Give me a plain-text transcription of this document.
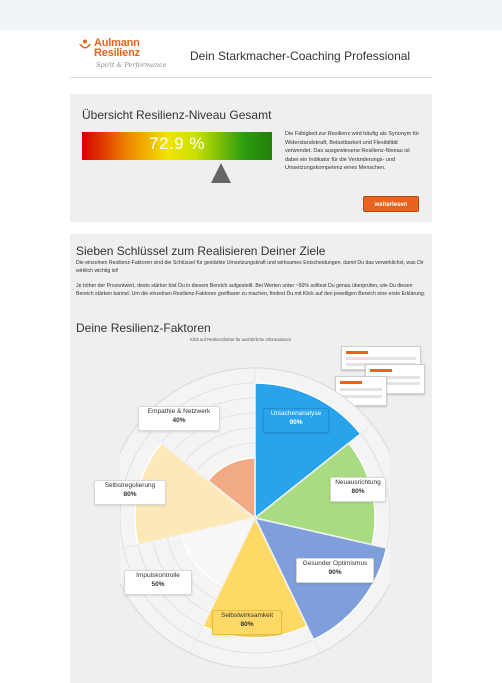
Aulmann
Resilienz
Spirit & Performance
Dein Starkmacher-Coaching Professional
Übersicht Resilienz-Niveau Gesamt
72.9 %	Die Fähigkeit zur Resilienz wird häufig als Synonym für Widerstandskraft, Belastbarkeit und Flexibilität verwendet. Das ausgewiesene Resilienz-Niveau ist dabei ein Indikator für die Veränderungs- und Umsetzungskompetenz eines Menschen.
weiterlesen
Sieben Schlüssel zum Realisieren Deiner Ziele
Die einzelnen Resilienz-Faktoren sind die Schlüssel für gestärkte Umsetzungskraft und wirksames Entscheidungen, damit Du das verwirklichst, was Dir wirklich wichtig ist!
Je höher der Prozentwert, desto stärker bist Du in diesem Bereich aufgestellt. Bei Werten unter ~50% solltest Du genau überprüfen, wie Du diesen Bereich stärken kannst. Um die einzelnen Resilienz-Faktoren greifbarer zu machen, findest Du mit Klick auf den jeweiligen Bereich eine erste Erklärung.
Deine Resilienz-Faktoren
Klick auf Resilienzfaktor für ausführliche Informationen
Ursachenanalyse
90%
Neuausrichtung
80%
Gesunder Optimismus
90%
Selbstwirksamkeit
80%
Impulskontrolle
50%
Selbstregulierung
80%
Empathie & Netzwerk
40%
